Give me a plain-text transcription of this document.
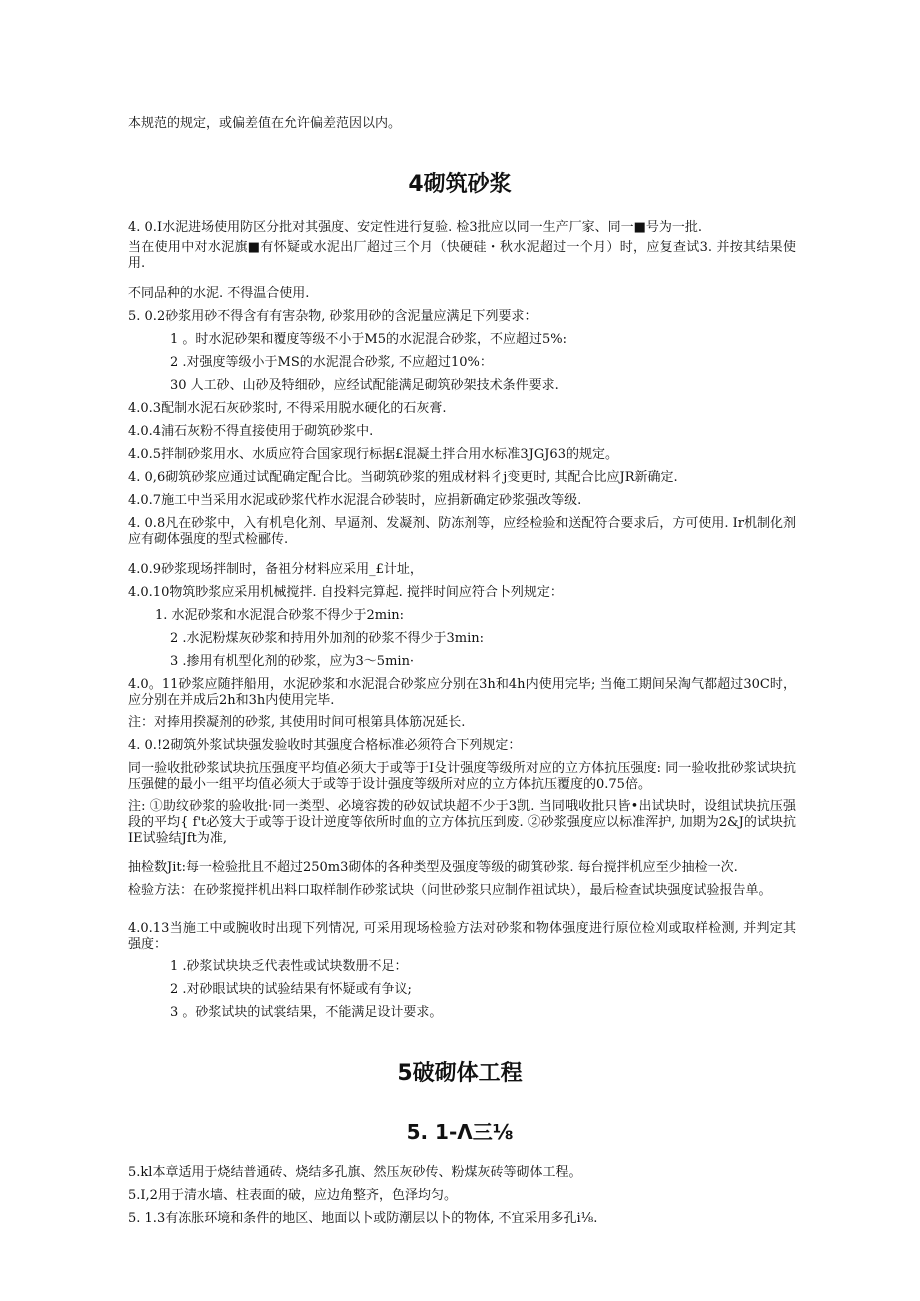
本规范的规定，或偏差值在允许偏差范因以内。
4砌筑砂浆
4. 0.I水泥进场使用防区分批对其强度、安定性进行复验. 检3批应以同一生产厂家、同一■号为一批.
当在使用中对水泥旗■有怀疑或水泥出厂超过三个月（快硬硅・秋水泥超过一个月）时，应复查试3. 并按其结果使用.
不同品种的水泥. 不得温合使用.
5. 0.2砂浆用砂不得含有有害杂物, 砂浆用砂的含泥量应满足下列要求：
1 。时水泥砂架和覆度等级不小于M5的水泥混合砂浆，不应超过5%:
2 .对强度等级小于MS的水泥混合砂浆, 不应超过10%：
30 人工砂、山砂及特细砂，应经试配能满足砌筑砂架技术条件要求.
4.0.3配制水泥石灰砂浆时, 不得采用脱水硬化的石灰膏.
4.0.4浦石灰粉不得直接使用于砌筑砂浆中.
4.0.5拌制砂浆用水、水质应符合国家现行标据£混凝土拌合用水标准3JGJ63的规定。
4. 0,6砌筑砂浆应通过试配确定配合比。当砌筑砂浆的殂成材料彳j变更时, 其配合比应JR新确定.
4.0.7施工中当采用水泥或砂浆代柞水泥混合砂装时，应捐新确定砂浆强改等级.
4. 0.8凡在砂浆中，入有机皂化剂、早逼剂、发凝剂、防冻剂等，应经检验和送配符合要求后，方可使用. Ir机制化剂应有砌体强度的型式检郦传.
4.0.9砂浆现场拌制时，备祖分材料应采用_£计址，
4.0.10物筑眇浆应采用机械搅拌. 自投料完算起. 搅拌时间应符合卜列规定：
1. 水泥砂浆和水泥混合砂浆不得少于2min:
2 .水泥粉煤灰砂浆和持用外加剂的砂浆不得少于3min:
3 .掺用有机型化剂的砂浆，应为3〜5min·
4.0。11砂浆应随拌船用，水泥砂浆和水泥混合砂浆应分别在3h和4h内使用完毕; 当俺工期间呆淘气都超过30C时，应分别在并成后2h和3h内使用完毕.
注：对捧用揆凝剂的砂浆, 其使用时间可根第具体筋况延长.
4. 0.!2砌筑外浆试块强发验收时其强度合格标准必须符合下列规定：
同一验收批砂浆试块抗压强度平均值必须大于或等于I殳计强度等级所对应的立方体抗压强度: 同一验收批砂浆试块抗压强健的最小一组平均值必须大于或等于设计强度等级所对应的立方体抗压覆度的0.75倍。
注: ①助纹砂浆的验收批·同一类型、必境容拨的砂奴试块超不少于3凯. 当同哦收批只皆•出试块时，设组试块抗压强段的平均{ f't必笈大于或等于设计逆度等依所时血的立方体抗压到废. ②砂浆强度应以标准浑护, 加期为2&J的试块抗IE试验结Jft为准,
抽检数Jit:每一检验批且不超过250m3砌体的各种类型及强度等级的砌箕砂浆. 每台搅拌机应至少抽检一次.
检验方法：在砂浆搅拌机出料口取样制作砂浆试块（问世砂浆只应制作祖试块），最后检查试块强度试验报告单。
4.0.13当施工中或腕收时出现下列情况, 可采用现场检验方法对砂浆和物体强度进行原位检刈或取样检测, 并判定其强度：
1 .砂浆试块块乏代表性或试块数册不足：
2 .对砂眼试块的试验结果有怀疑或有争议;
3 。砂浆试块的试裳结果，不能满足设计要求。
5破砌体工程
5. 1-Λ三⅛
5.kl本章适用于烧结普通砖、烧结多孔旗、然压灰砂传、粉煤灰砖等砌体工程。
5.I,2用于清水墙、柱表面的破，应边角整齐，色泽均匀。
5. 1.3有冻胀环境和条件的地区、地面以卜或防潮层以卜的物体, 不宜采用多孔i⅛.
